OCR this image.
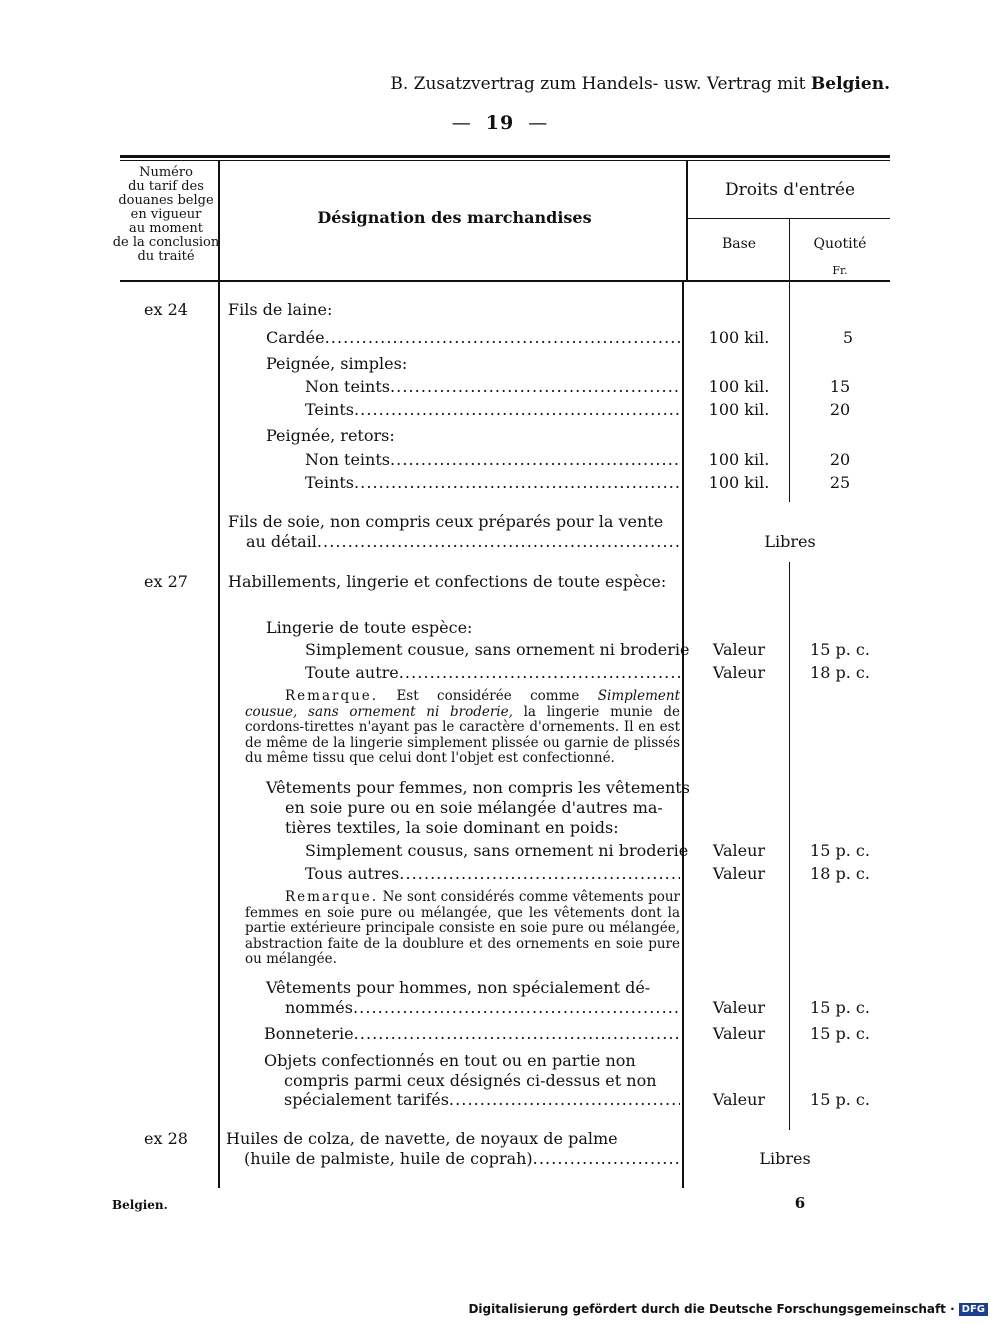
B. Zusatzvertrag zum Handels- usw. Vertrag mit Belgien.
— 19 —
Numéro
du tarif des
douanes belge
en vigueur
au moment
de la conclusion
du traité
Désignation des marchandises
Droits d'entrée
Base	Quotité
Fr.
ex 24	Fils de laine:
Cardée . . .	100 kil.	5
Peignée, simples:
Non teints . . .	100 kil.	15
Teints . . .	100 kil.	20
Peignée, retors:
Non teints . . .	100 kil.	20
Teints . . .	100 kil.	25
Fils de soie, non compris ceux préparés pour la vente
au détail . . .	Libres
ex 27	Habillements, lingerie et confections de toute espèce:
Lingerie de toute espèce:
Simplement cousue, sans ornement ni broderie	Valeur	15 p. c.
Toute autre . . .	Valeur	18 p. c.
Remarque. Est considérée comme Simplement cousue, sans ornement ni broderie, la lingerie munie de cordons-tirettes n'ayant pas le caractère d'ornements. Il en est de même de la lingerie simplement plissée ou garnie de plissés du même tissu que celui dont l'objet est confectionné.
Vêtements pour femmes, non compris les vêtements
en soie pure ou en soie mélangée d'autres ma-
tières textiles, la soie dominant en poids:
Simplement cousus, sans ornement ni broderie	Valeur	15 p. c.
Tous autres . . .	Valeur	18 p. c.
Remarque. Ne sont considérés comme vêtements pour femmes en soie pure ou mélangée, que les vêtements dont la partie extérieure principale consiste en soie pure ou mélangée, abstraction faite de la doublure et des ornements en soie pure ou mélangée.
Vêtements pour hommes, non spécialement dé-
nommés . . .	Valeur	15 p. c.
Bonneterie . . .	Valeur	15 p. c.
Objets confectionnés en tout ou en partie non
compris parmi ceux désignés ci-dessus et non
spécialement tarifés . . .	Valeur	15 p. c.
ex 28	Huiles de colza, de navette, de noyaux de palme
(huile de palmiste, huile de coprah) . . .	Libres
Belgien.	6
Digitalisierung gefördert durch die Deutsche Forschungsgemeinschaft · DFG
